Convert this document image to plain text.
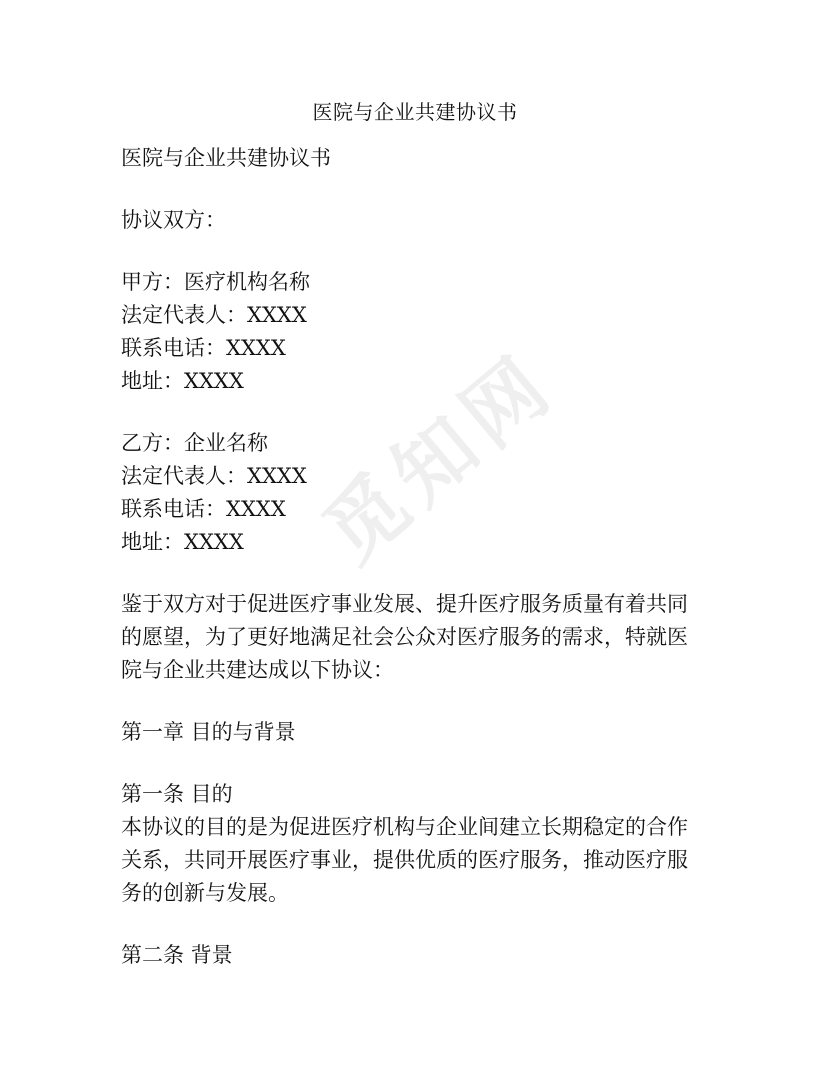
觅知网
医院与企业共建协议书
医院与企业共建协议书
协议双方：
甲方：医疗机构名称
法定代表人：XXXX
联系电话：XXXX
地址：XXXX
乙方：企业名称
法定代表人：XXXX
联系电话：XXXX
地址：XXXX
鉴于双方对于促进医疗事业发展、提升医疗服务质量有着共同
的愿望，为了更好地满足社会公众对医疗服务的需求，特就医
院与企业共建达成以下协议：
第一章 目的与背景
第一条 目的
本协议的目的是为促进医疗机构与企业间建立长期稳定的合作
关系，共同开展医疗事业，提供优质的医疗服务，推动医疗服
务的创新与发展。
第二条 背景
